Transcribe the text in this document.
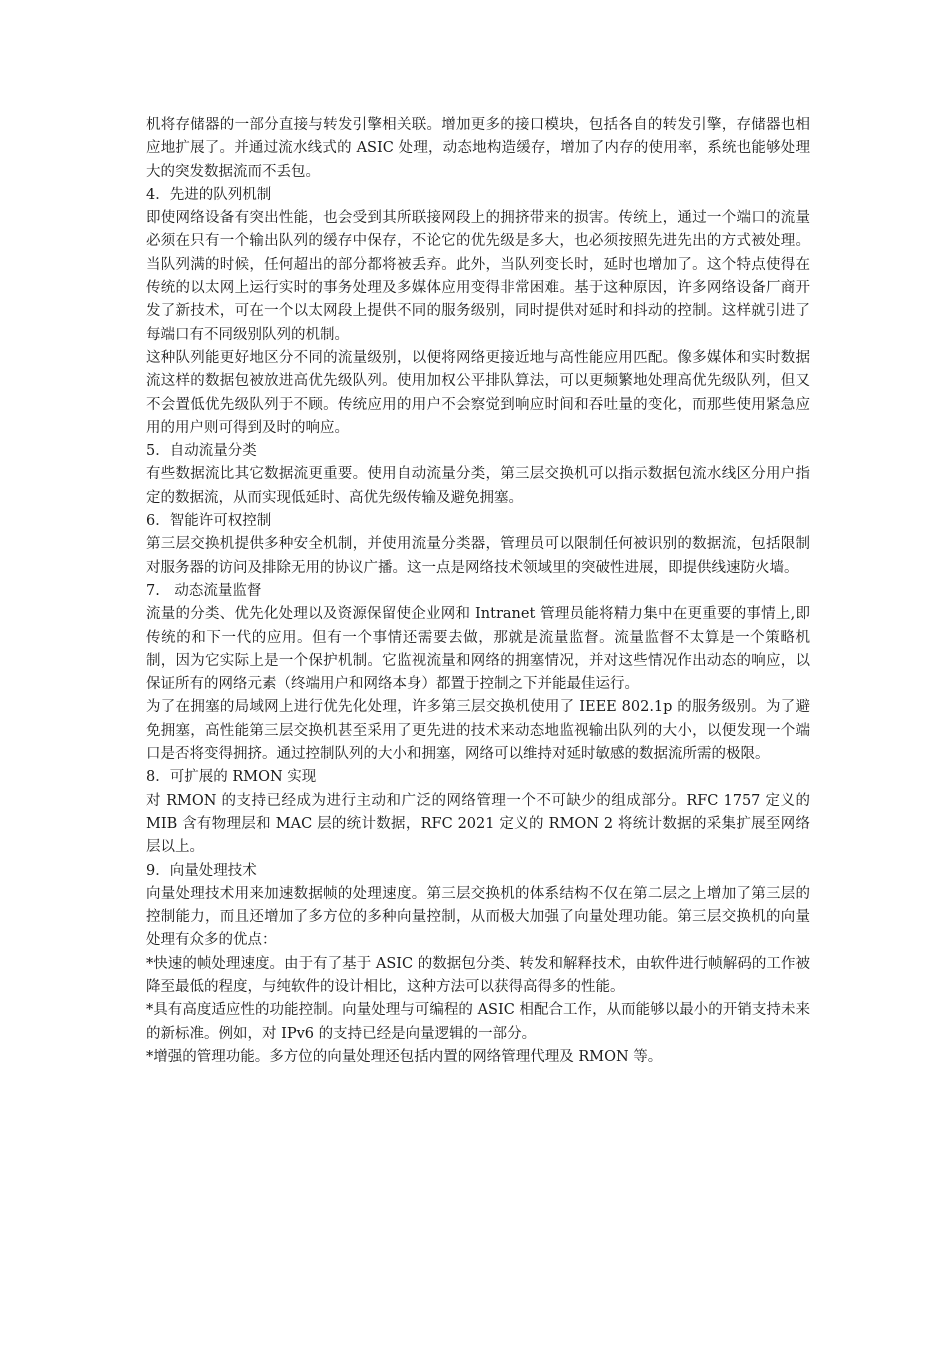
机将存储器的一部分直接与转发引擎相关联。增加更多的接口模块，包括各自的转发引擎，存储器也相应地扩展了。并通过流水线式的 ASIC 处理，动态地构造缓存，增加了内存的使用率，系统也能够处理大的突发数据流而不丢包。

4．先进的队列机制

即使网络设备有突出性能，也会受到其所联接网段上的拥挤带来的损害。传统上，通过一个端口的流量必须在只有一个输出队列的缓存中保存，不论它的优先级是多大，也必须按照先进先出的方式被处理。当队列满的时候，任何超出的部分都将被丢弃。此外，当队列变长时，延时也增加了。这个特点使得在传统的以太网上运行实时的事务处理及多媒体应用变得非常困难。基于这种原因，许多网络设备厂商开发了新技术，可在一个以太网段上提供不同的服务级别，同时提供对延时和抖动的控制。这样就引进了每端口有不同级别队列的机制。

这种队列能更好地区分不同的流量级别，以便将网络更接近地与高性能应用匹配。像多媒体和实时数据流这样的数据包被放进高优先级队列。使用加权公平排队算法，可以更频繁地处理高优先级队列，但又不会置低优先级队列于不顾。传统应用的用户不会察觉到响应时间和吞吐量的变化，而那些使用紧急应用的用户则可得到及时的响应。

5．自动流量分类

有些数据流比其它数据流更重要。使用自动流量分类，第三层交换机可以指示数据包流水线区分用户指定的数据流，从而实现低延时、高优先级传输及避免拥塞。

6．智能许可权控制

第三层交换机提供多种安全机制，并使用流量分类器，管理员可以限制任何被识别的数据流，包括限制对服务器的访问及排除无用的协议广播。这一点是网络技术领域里的突破性进展，即提供线速防火墙。

7.　动态流量监督

流量的分类、优先化处理以及资源保留使企业网和 Intranet 管理员能将精力集中在更重要的事情上,即传统的和下一代的应用。但有一个事情还需要去做，那就是流量监督。流量监督不太算是一个策略机制，因为它实际上是一个保护机制。它监视流量和网络的拥塞情况，并对这些情况作出动态的响应，以保证所有的网络元素（终端用户和网络本身）都置于控制之下并能最佳运行。

为了在拥塞的局域网上进行优先化处理，许多第三层交换机使用了 IEEE 802.1p 的服务级别。为了避免拥塞，高性能第三层交换机甚至采用了更先进的技术来动态地监视输出队列的大小，以便发现一个端口是否将变得拥挤。通过控制队列的大小和拥塞，网络可以维持对延时敏感的数据流所需的极限。

8．可扩展的 RMON 实现

对 RMON 的支持已经成为进行主动和广泛的网络管理一个不可缺少的组成部分。RFC 1757 定义的 MIB 含有物理层和 MAC 层的统计数据，RFC 2021 定义的 RMON 2 将统计数据的采集扩展至网络层以上。

9．向量处理技术

向量处理技术用来加速数据帧的处理速度。第三层交换机的体系结构不仅在第二层之上增加了第三层的控制能力，而且还增加了多方位的多种向量控制，从而极大加强了向量处理功能。第三层交换机的向量处理有众多的优点：

*快速的帧处理速度。由于有了基于 ASIC 的数据包分类、转发和解释技术，由软件进行帧解码的工作被降至最低的程度，与纯软件的设计相比，这种方法可以获得高得多的性能。

*具有高度适应性的功能控制。向量处理与可编程的 ASIC 相配合工作，从而能够以最小的开销支持未来的新标准。例如，对 IPv6 的支持已经是向量逻辑的一部分。

*增强的管理功能。多方位的向量处理还包括内置的网络管理代理及 RMON 等。
